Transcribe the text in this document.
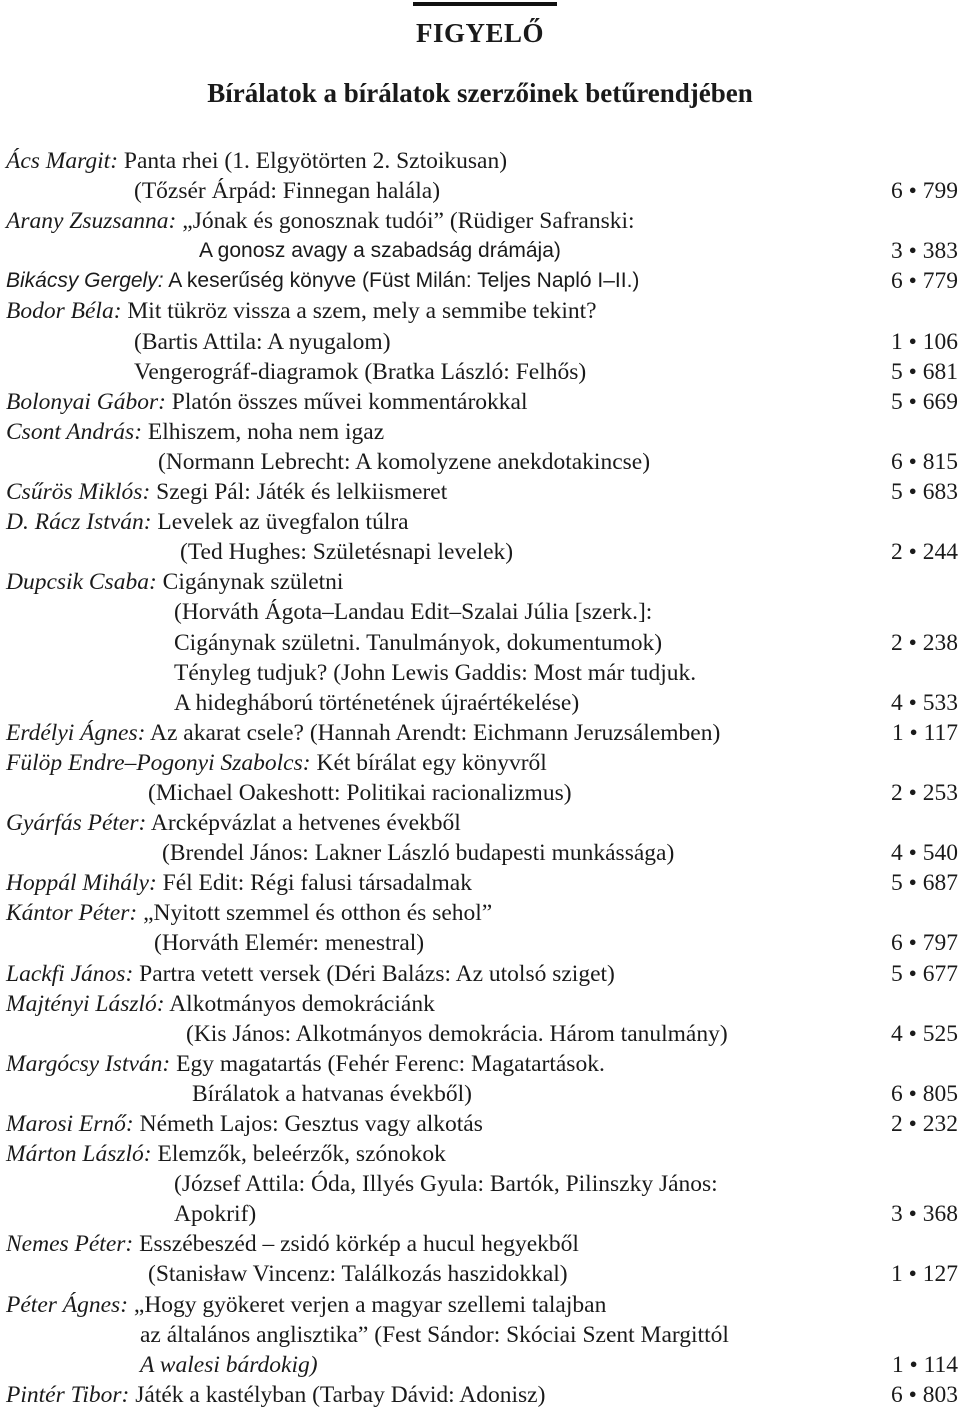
FIGYELŐ
Bírálatok a bírálatok szerzőinek betűrendjében
Ács Margit: Panta rhei (1. Elgyötörten 2. Sztoikusan)
(Tőzsér Árpád: Finnegan halála)	6 • 799
Arany Zsuzsanna: „Jónak és gonosznak tudói” (Rüdiger Safranski:
A gonosz avagy a szabadság drámája)	3 • 383
Bikácsy Gergely: A keserűség könyve (Füst Milán: Teljes Napló I–II.)	6 • 779
Bodor Béla: Mit tükröz vissza a szem, mely a semmibe tekint?
(Bartis Attila: A nyugalom)	1 • 106
Vengerográf-diagramok (Bratka László: Felhős)	5 • 681
Bolonyai Gábor: Platón összes művei kommentárokkal	5 • 669
Csont András: Elhiszem, noha nem igaz
(Normann Lebrecht: A komolyzene anekdotakincse)	6 • 815
Csűrös Miklós: Szegi Pál: Játék és lelkiismeret	5 • 683
D. Rácz István: Levelek az üvegfalon túlra
(Ted Hughes: Születésnapi levelek)	2 • 244
Dupcsik Csaba: Cigánynak születni
(Horváth Ágota–Landau Edit–Szalai Júlia [szerk.]:
Cigánynak születni. Tanulmányok, dokumentumok)	2 • 238
Tényleg tudjuk? (John Lewis Gaddis: Most már tudjuk.
A hidegháború történetének újraértékelése)	4 • 533
Erdélyi Ágnes: Az akarat csele? (Hannah Arendt: Eichmann Jeruzsálemben)	1 • 117
Fülöp Endre–Pogonyi Szabolcs: Két bírálat egy könyvről
(Michael Oakeshott: Politikai racionalizmus)	2 • 253
Gyárfás Péter: Arcképvázlat a hetvenes évekből
(Brendel János: Lakner László budapesti munkássága)	4 • 540
Hoppál Mihály: Fél Edit: Régi falusi társadalmak	5 • 687
Kántor Péter: „Nyitott szemmel és otthon és sehol”
(Horváth Elemér: menestral)	6 • 797
Lackfi János: Partra vetett versek (Déri Balázs: Az utolsó sziget)	5 • 677
Majtényi László: Alkotmányos demokráciánk
(Kis János: Alkotmányos demokrácia. Három tanulmány)	4 • 525
Margócsy István: Egy magatartás (Fehér Ferenc: Magatartások.
Bírálatok a hatvanas évekből)	6 • 805
Marosi Ernő: Németh Lajos: Gesztus vagy alkotás	2 • 232
Márton László: Elemzők, beleérzők, szónokok
(József Attila: Óda, Illyés Gyula: Bartók, Pilinszky János:
Apokrif)	3 • 368
Nemes Péter: Esszébeszéd – zsidó körkép a hucul hegyekből
(Stanisław Vincenz: Találkozás haszidokkal)	1 • 127
Péter Ágnes: „Hogy gyökeret verjen a magyar szellemi talajban
az általános anglisztika” (Fest Sándor: Skóciai Szent Margittól
A walesi bárdokig)	1 • 114
Pintér Tibor: Játék a kastélyban (Tarbay Dávid: Adonisz)	6 • 803
